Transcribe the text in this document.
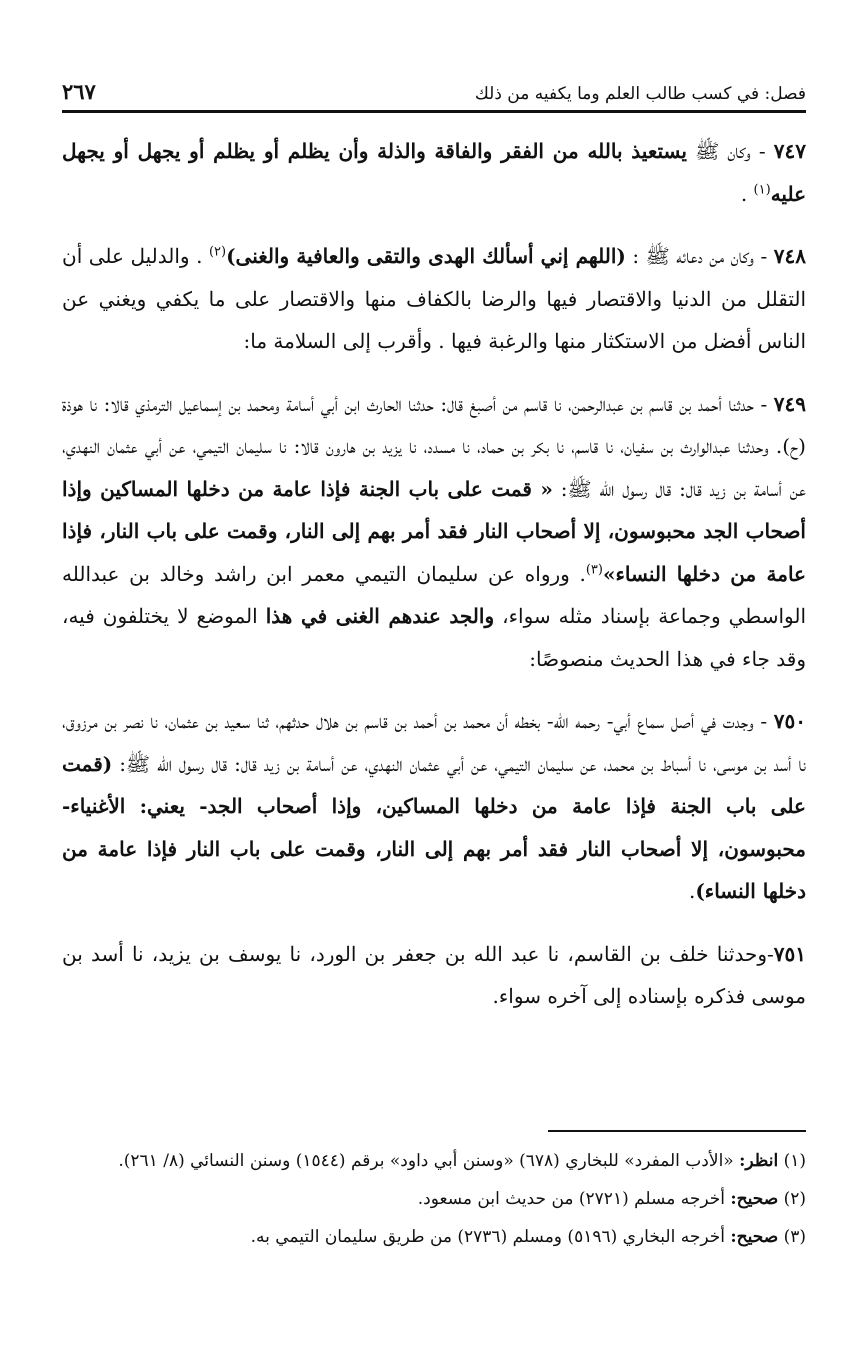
فصل: في كسب طالب العلم وما يكفيه من ذلك
٢٦٧

٧٤٧ - وكان ﷺ يستعيذ بالله من الفقر والفاقة والذلة وأن يظلم أو يظلم أو يجهل أو يجهل عليه$^{(١)}$ .

٧٤٨ - وكان من دعائه ﷺ : (اللهم إني أسألك الهدى والتقى والعافية والغنى)$^{(٢)}$ . والدليل على أن التقلل من الدنيا والاقتصار فيها والرضا بالكفاف منها والاقتصار على ما يكفي ويغني عن الناس أفضل من الاستكثار منها والرغبة فيها . وأقرب إلى السلامة ما:

٧٤٩ - حدثنا أحمد بن قاسم بن عبدالرحمن، نا قاسم من أصبغ قال: حدثنا الحارث ابن أبي أسامة ومحمد بن إسماعيل الترمذي قالا: نا هوذة (ح). وحدثنا عبدالوارث بن سفيان، نا قاسم، نا بكر بن حماد، نا مسدد، نا يزيد بن هارون قالا: نا سليمان التيمي، عن أبي عثمان النهدي، عن أسامة بن زيد قال: قال رسول الله ﷺ: « قمت على باب الجنة فإذا عامة من دخلها المساكين وإذا أصحاب الجد محبوسون، إلا أصحاب النار فقد أمر بهم إلى النار، وقمت على باب النار، فإذا عامة من دخلها النساء»$^{(٣)}$. ورواه عن سليمان التيمي معمر ابن راشد وخالد بن عبدالله الواسطي وجماعة بإسناد مثله سواء، والجد عندهم الغنى في هذا الموضع لا يختلفون فيه، وقد جاء في هذا الحديث منصوصًا:

٧٥٠ - وجدت في أصل سماع أبي- رحمه الله- بخطه أن محمد بن أحمد بن قاسم بن هلال حدثهم، ثنا سعيد بن عثمان، نا نصر بن مرزوق، نا أسد بن موسى، نا أسباط بن محمد، عن سليمان التيمي، عن أبي عثمان النهدي، عن أسامة بن زيد قال: قال رسول الله ﷺ: (قمت على باب الجنة فإذا عامة من دخلها المساكين، وإذا أصحاب الجد- يعني: الأغنياء- محبوسون، إلا أصحاب النار فقد أمر بهم إلى النار، وقمت على باب النار فإذا عامة من دخلها النساء).

٧٥١-وحدثنا خلف بن القاسم، نا عبد الله بن جعفر بن الورد، نا يوسف بن يزيد، نا أسد بن موسى فذكره بإسناده إلى آخره سواء.

(١) انظر: «الأدب المفرد» للبخاري (٦٧٨) «وسنن أبي داود» برقم (١٥٤٤) وسنن النسائي (٨/ ٢٦١).

(٢) صحيح: أخرجه مسلم (٢٧٢١) من حديث ابن مسعود.

(٣) صحيح: أخرجه البخاري (٥١٩٦) ومسلم (٢٧٣٦) من طريق سليمان التيمي به.
